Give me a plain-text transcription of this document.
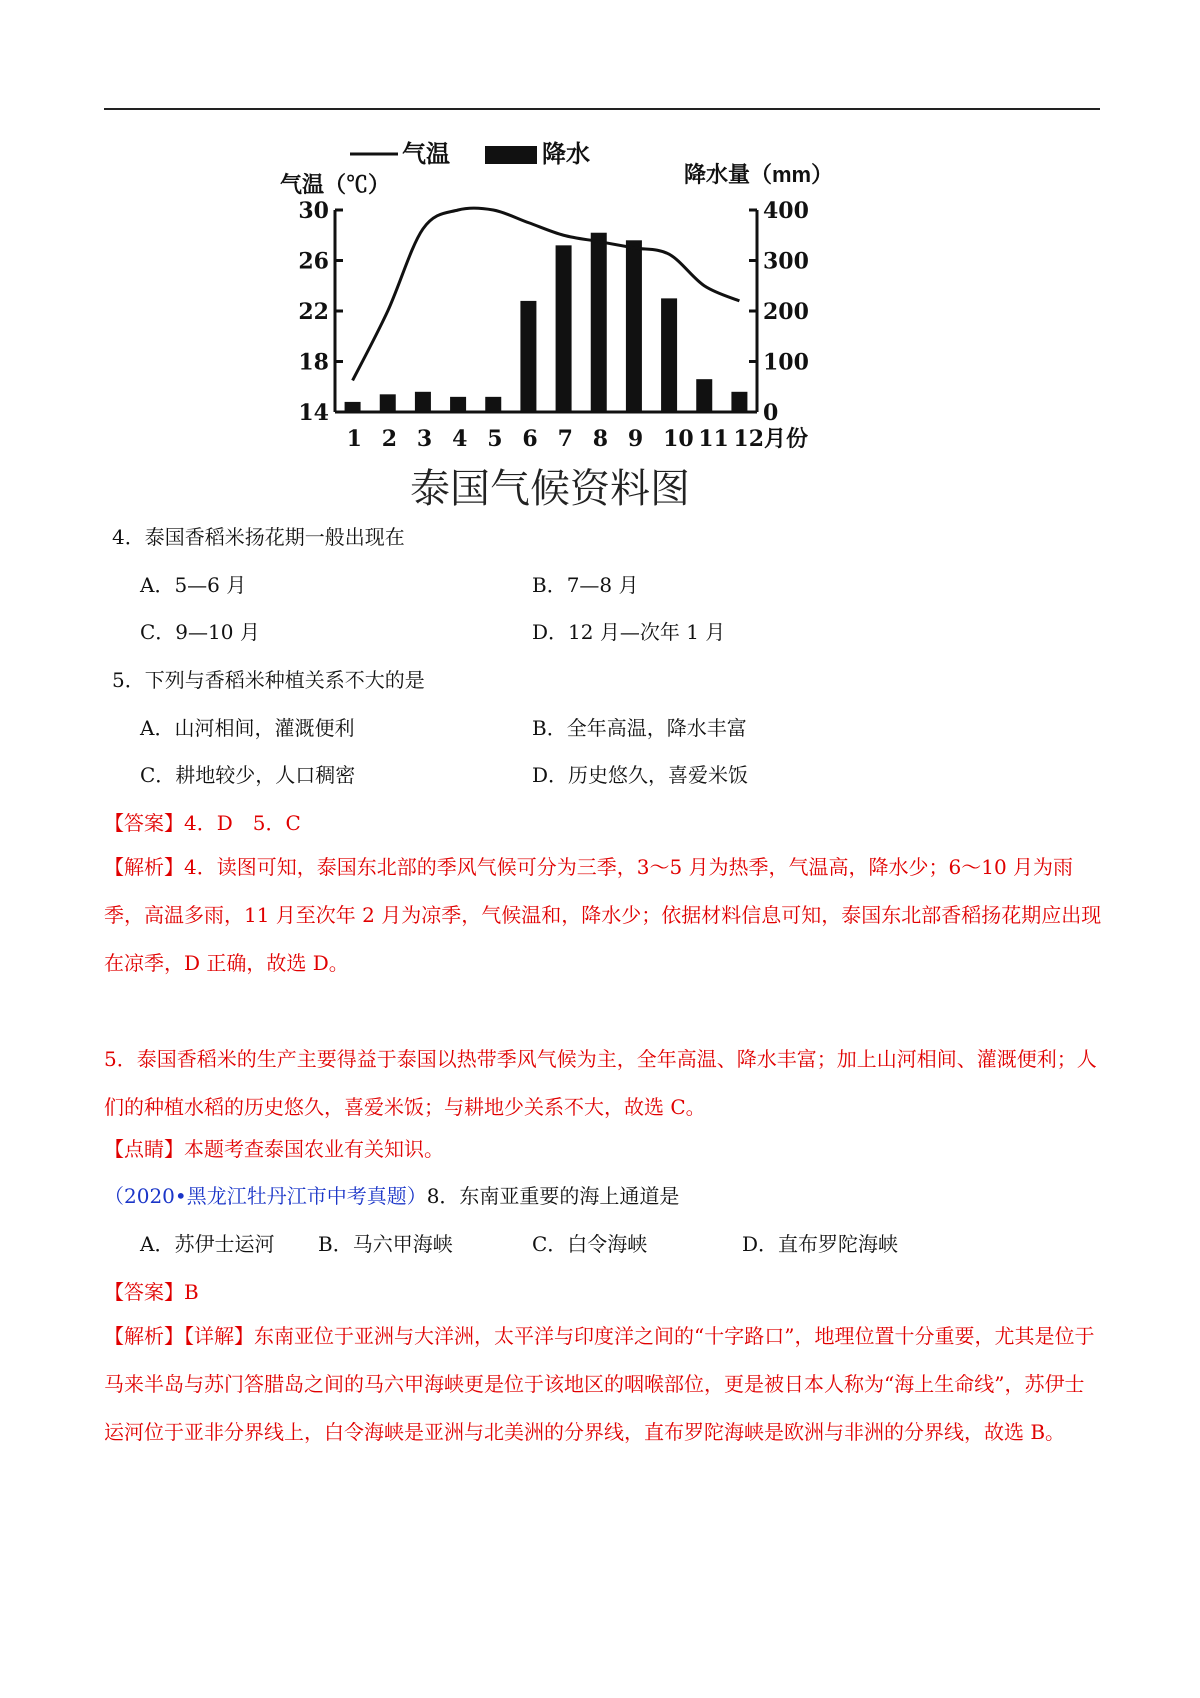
气温	降水
气温（℃）	降水量（mm）
30
26
22
18
14
400
300
200
100
0
1 2 3 4 5 6 7 8 9 10 11 12月份
泰国气候资料图
4．泰国香稻米扬花期一般出现在
A．5—6 月	B．7—8 月
C．9—10 月	D．12 月—次年 1 月
5．下列与香稻米种植关系不大的是
A．山河相间，灌溉便利	B．全年高温，降水丰富
C．耕地较少，人口稠密	D．历史悠久，喜爱米饭
【答案】4．D　5．C
【解析】4．读图可知，泰国东北部的季风气候可分为三季，3～5 月为热季，气温高，降水少；6～10 月为雨季，高温多雨，11 月至次年 2 月为凉季，气候温和，降水少；依据材料信息可知，泰国东北部香稻扬花期应出现在凉季，D 正确，故选 D。
5．泰国香稻米的生产主要得益于泰国以热带季风气候为主，全年高温、降水丰富；加上山河相间、灌溉便利；人们的种植水稻的历史悠久，喜爱米饭；与耕地少关系不大，故选 C。
【点睛】本题考查泰国农业有关知识。
（2020•黑龙江牡丹江市中考真题）8．东南亚重要的海上通道是
A．苏伊士运河 B．马六甲海峡	C．白令海峡	D．直布罗陀海峡
【答案】B
【解析】【详解】东南亚位于亚洲与大洋洲，太平洋与印度洋之间的“十字路口”，地理位置十分重要，尤其是位于马来半岛与苏门答腊岛之间的马六甲海峡更是位于该地区的咽喉部位，更是被日本人称为“海上生命线”，苏伊士运河位于亚非分界线上，白令海峡是亚洲与北美洲的分界线，直布罗陀海峡是欧洲与非洲的分界线，故选 B。
